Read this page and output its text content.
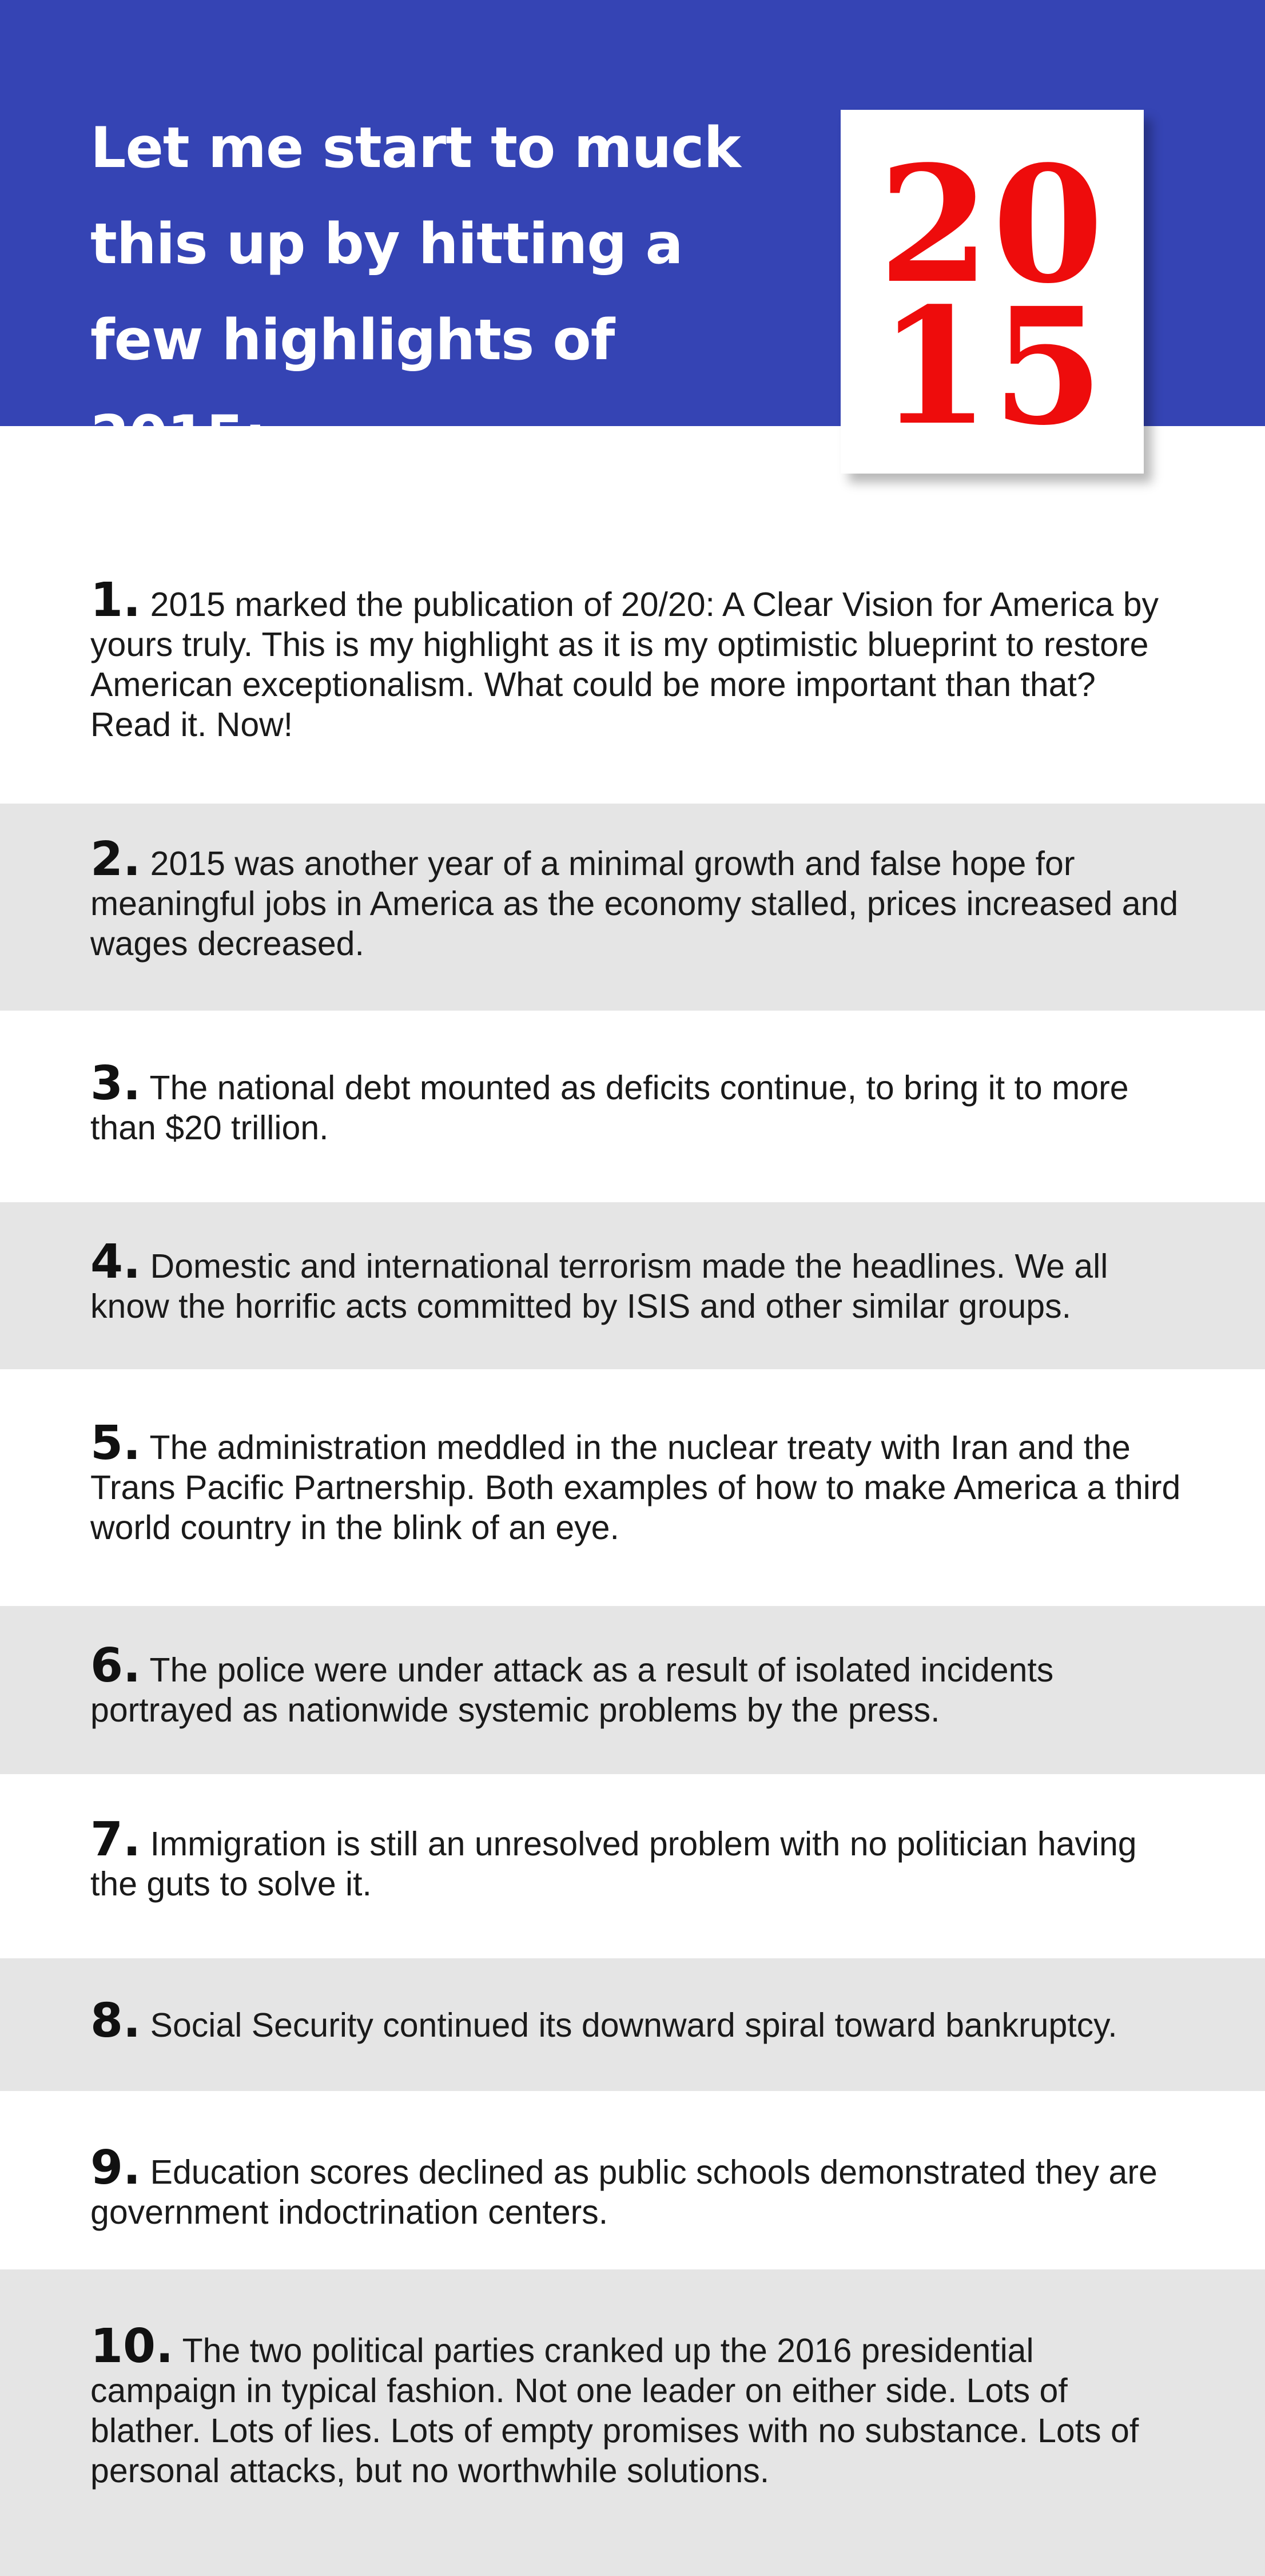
Let me start to muck this up by hitting a few highlights of 2015:
20
15

1. 2015 marked the publication of 20/20: A Clear Vision for America by yours truly. This is my highlight as it is my optimistic blueprint to restore American exceptionalism. What could be more important than that? Read it. Now!

2. 2015 was another year of a minimal growth and false hope for meaningful jobs in America as the economy stalled, prices increased and wages decreased.

3. The national debt mounted as deficits continue, to bring it to more than $20 trillion.

4. Domestic and international terrorism made the headlines. We all know the horrific acts committed by ISIS and other similar groups.

5. The administration meddled in the nuclear treaty with Iran and the Trans Pacific Partnership. Both examples of how to make America a third world country in the blink of an eye.

6. The police were under attack as a result of isolated incidents portrayed as nationwide systemic problems by the press.

7. Immigration is still an unresolved problem with no politician having the guts to solve it.

8. Social Security continued its downward spiral toward bankruptcy.

9. Education scores declined as public schools demonstrated they are government indoctrination centers.

10. The two political parties cranked up the 2016 presidential campaign in typical fashion. Not one leader on either side. Lots of blather. Lots of lies. Lots of empty promises with no substance. Lots of personal attacks, but no worthwhile solutions.
